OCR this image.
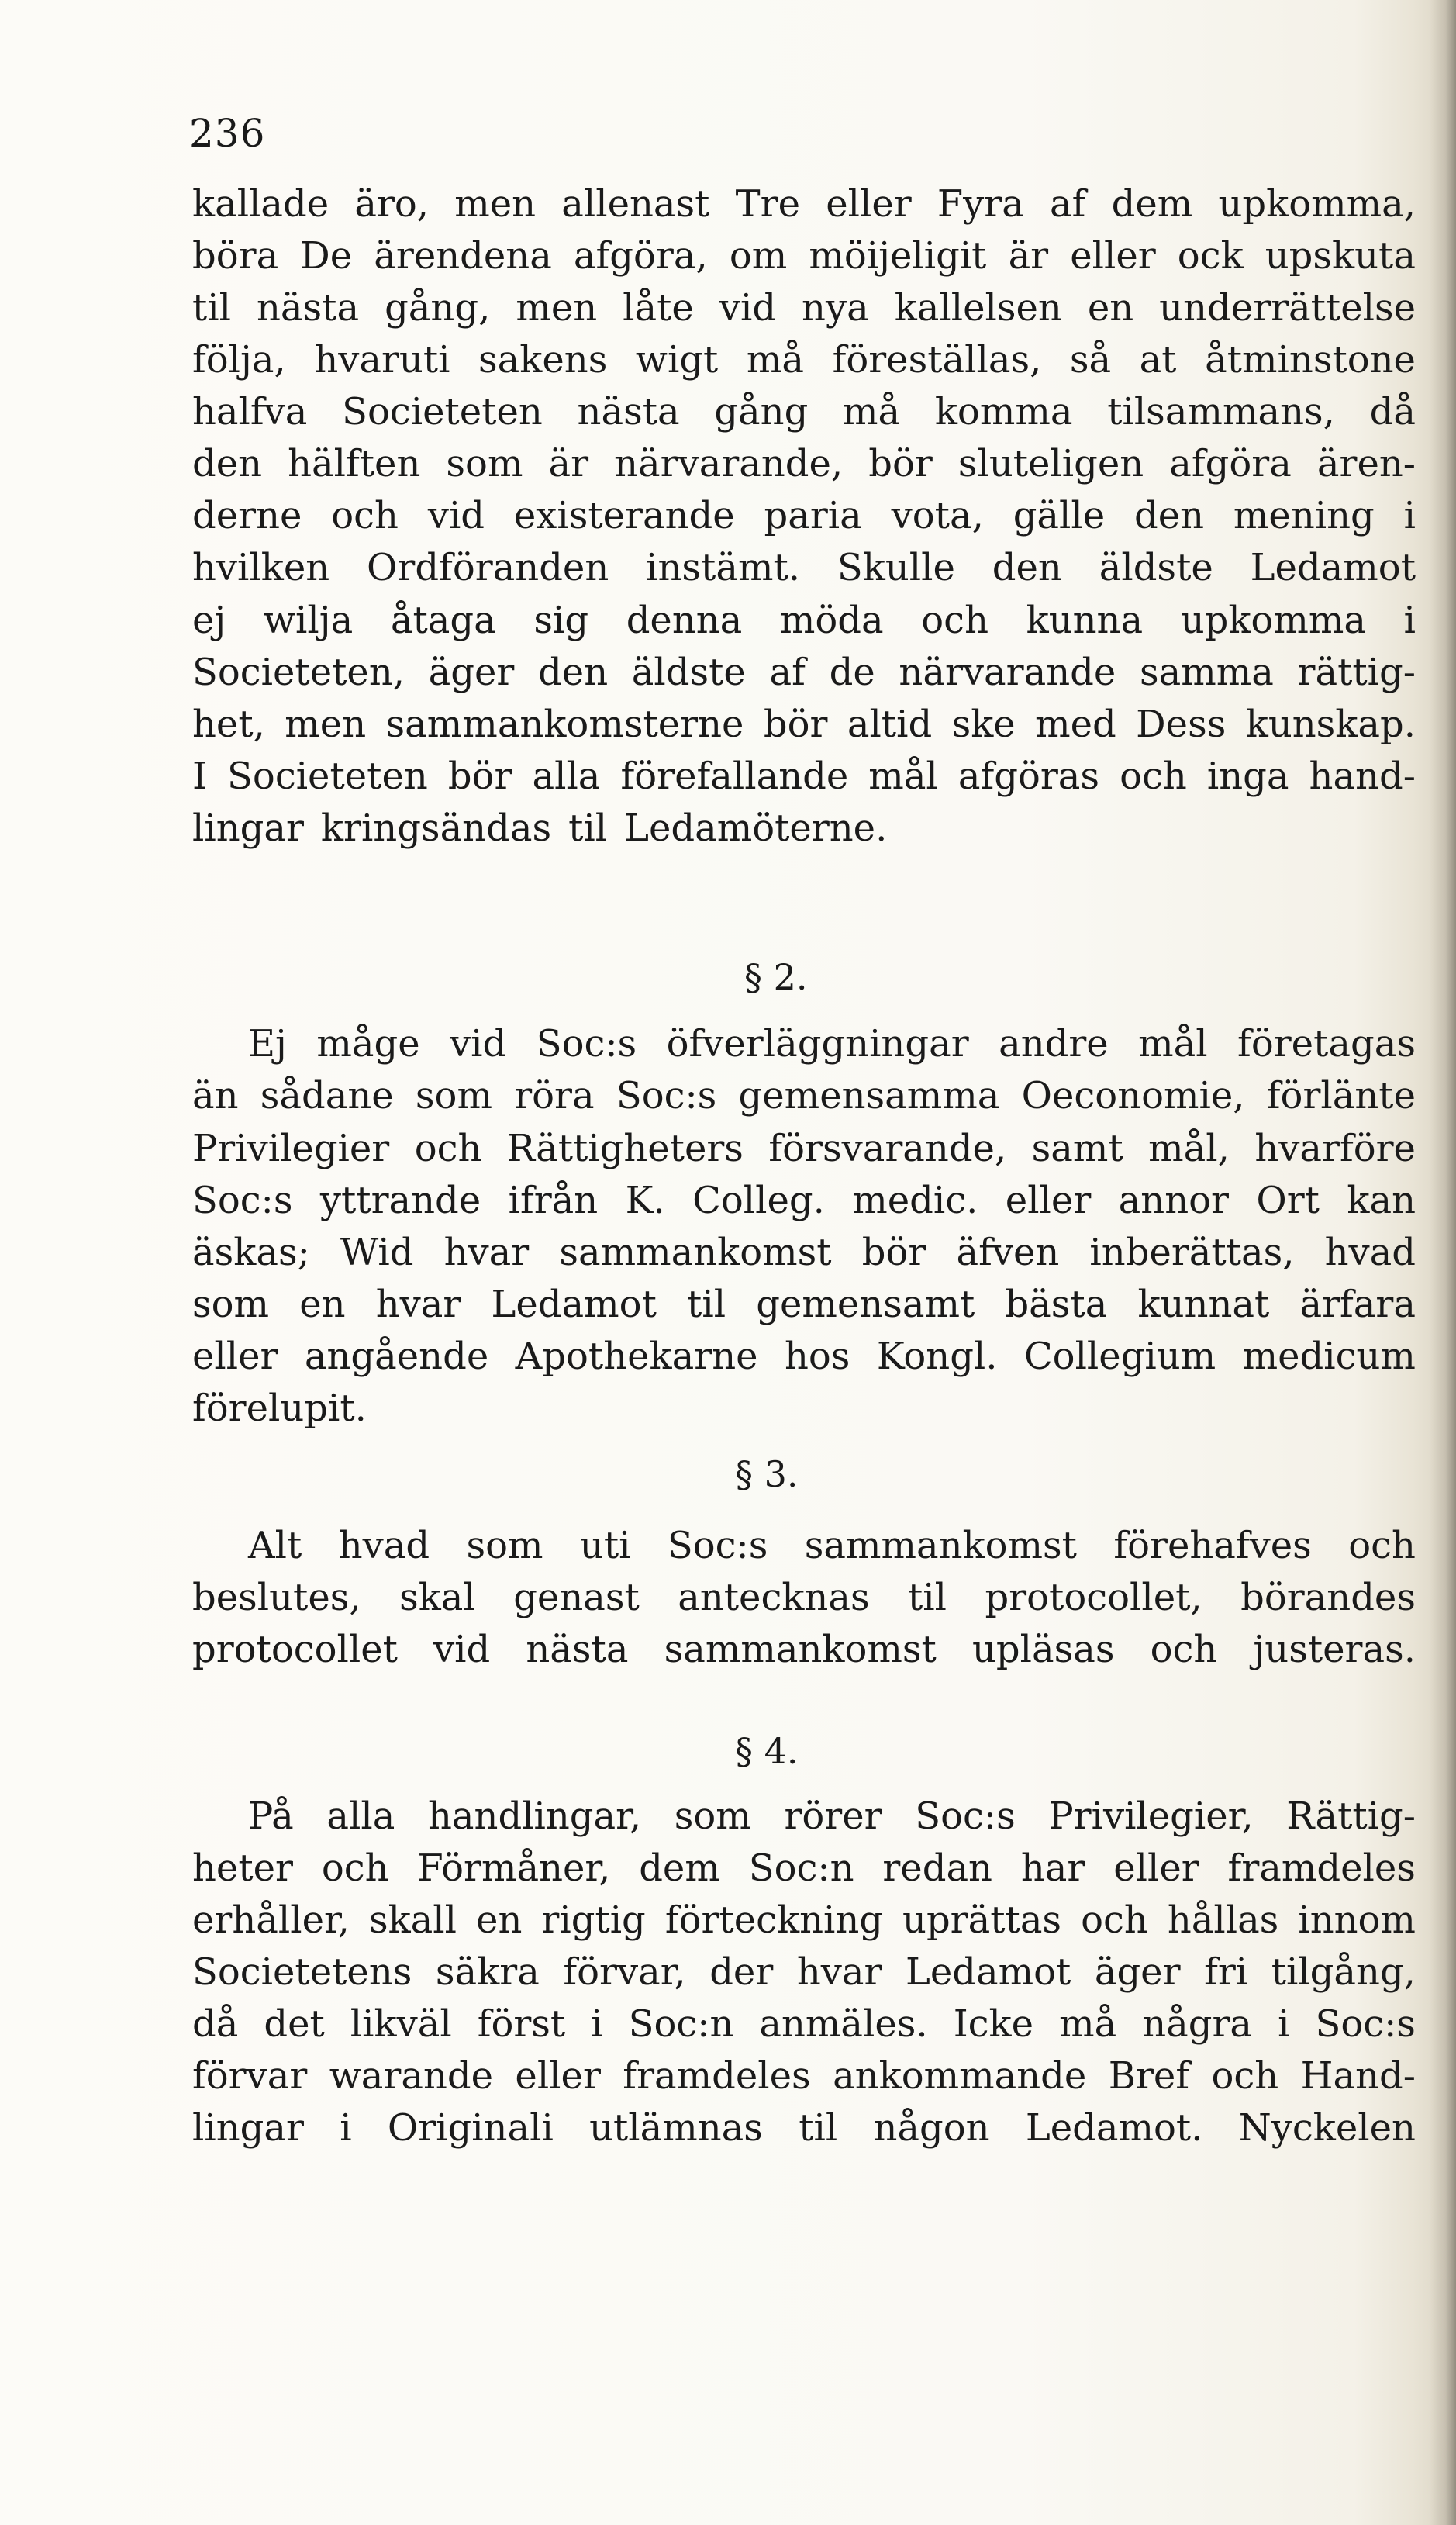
236
kallade äro, men allenast Tre eller Fyra af dem upkomma,
böra De ärendena afgöra, om möijeligit är eller ock upskuta
til nästa gång, men låte vid nya kallelsen en underrättelse
följa, hvaruti sakens wigt må föreställas, så at åtminstone
halfva Societeten nästa gång må komma tilsammans, då
den hälften som är närvarande, bör sluteligen afgöra ären-
derne och vid existerande paria vota, gälle den mening i
hvilken Ordföranden instämt. Skulle den äldste Ledamot
ej wilja åtaga sig denna möda och kunna upkomma i
Societeten, äger den äldste af de närvarande samma rättig-
het, men sammankomsterne bör altid ske med Dess kunskap.
I Societeten bör alla förefallande mål afgöras och inga hand-
lingar kringsändas til Ledamöterne.
§ 2.
Ej måge vid Soc:s öfverläggningar andre mål företagas
än sådane som röra Soc:s gemensamma Oeconomie, förlänte
Privilegier och Rättigheters försvarande, samt mål, hvarföre
Soc:s yttrande ifrån K. Colleg. medic. eller annor Ort kan
äskas; Wid hvar sammankomst bör äfven inberättas, hvad
som en hvar Ledamot til gemensamt bästa kunnat ärfara
eller angående Apothekarne hos Kongl. Collegium medicum
förelupit.
§ 3.
Alt hvad som uti Soc:s sammankomst förehafves och
beslutes, skal genast antecknas til protocollet, börandes
protocollet vid nästa sammankomst upläsas och justeras.
§ 4.
På alla handlingar, som rörer Soc:s Privilegier, Rättig-
heter och Förmåner, dem Soc:n redan har eller framdeles
erhåller, skall en rigtig förteckning uprättas och hållas innom
Societetens säkra förvar, der hvar Ledamot äger fri tilgång,
då det likväl först i Soc:n anmäles. Icke må några i Soc:s
förvar warande eller framdeles ankommande Bref och Hand-
lingar i Originali utlämnas til någon Ledamot. Nyckelen
